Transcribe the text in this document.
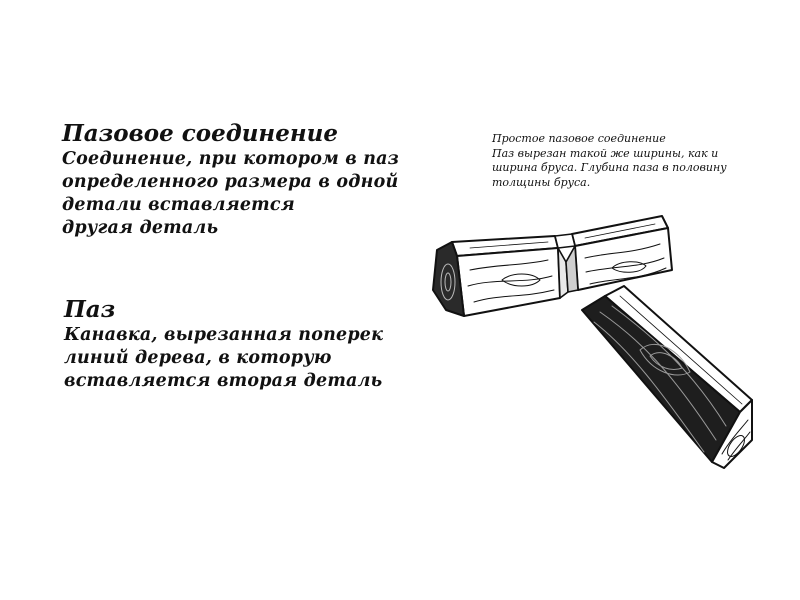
Пазовое соединение
Соединение, при котором в паз
определенного размера в одной
детали вставляется
другая деталь
Паз
Канавка, вырезанная поперек
линий дерева, в которую
вставляется вторая деталь
Простое пазовое соединение
Паз вырезан такой же ширины, как и
ширина бруса. Глубина паза в половину
толщины бруса.
